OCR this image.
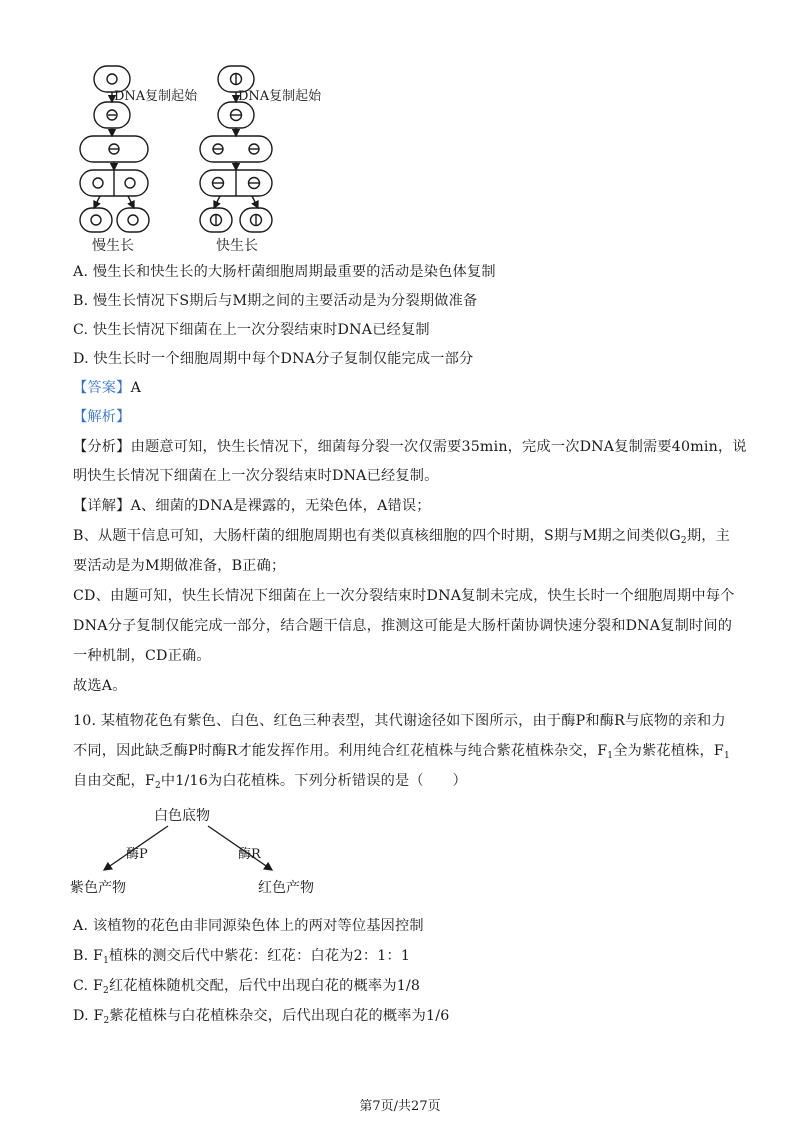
DNA复制起始	DNA复制起始
慢生长	快生长
A. 慢生长和快生长的大肠杆菌细胞周期最重要的活动是染色体复制
B. 慢生长情况下S期后与M期之间的主要活动是为分裂期做准备
C. 快生长情况下细菌在上一次分裂结束时DNA已经复制
D. 快生长时一个细胞周期中每个DNA分子复制仅能完成一部分
【答案】A
【解析】
【分析】由题意可知，快生长情况下，细菌每分裂一次仅需要35min，完成一次DNA复制需要40min，说
明快生长情况下细菌在上一次分裂结束时DNA已经复制。
【详解】A、细菌的DNA是裸露的，无染色体，A错误；
B、从题干信息可知，大肠杆菌的细胞周期也有类似真核细胞的四个时期，S期与M期之间类似$G_2$期，主
要活动是为M期做准备，B正确；
CD、由题可知，快生长情况下细菌在上一次分裂结束时DNA复制未完成，快生长时一个细胞周期中每个
DNA分子复制仅能完成一部分，结合题干信息，推测这可能是大肠杆菌协调快速分裂和DNA复制时间的
一种机制，CD正确。
故选A。
10. 某植物花色有紫色、白色、红色三种表型，其代谢途径如下图所示，由于酶P和酶R与底物的亲和力
不同，因此缺乏酶P时酶R才能发挥作用。利用纯合红花植株与纯合紫花植株杂交，$F_1$全为紫花植株，$F_1$
自由交配，$F_2$中1/16为白花植株。下列分析错误的是（　　）
白色底物
酶P	酶R
紫色产物	红色产物
A. 该植物的花色由非同源染色体上的两对等位基因控制
B. $F_1$植株的测交后代中紫花：红花：白花为2：1：1
C. $F_2$红花植株随机交配，后代中出现白花的概率为1/8
D. $F_2$紫花植株与白花植株杂交，后代出现白花的概率为1/6
第7页/共27页
